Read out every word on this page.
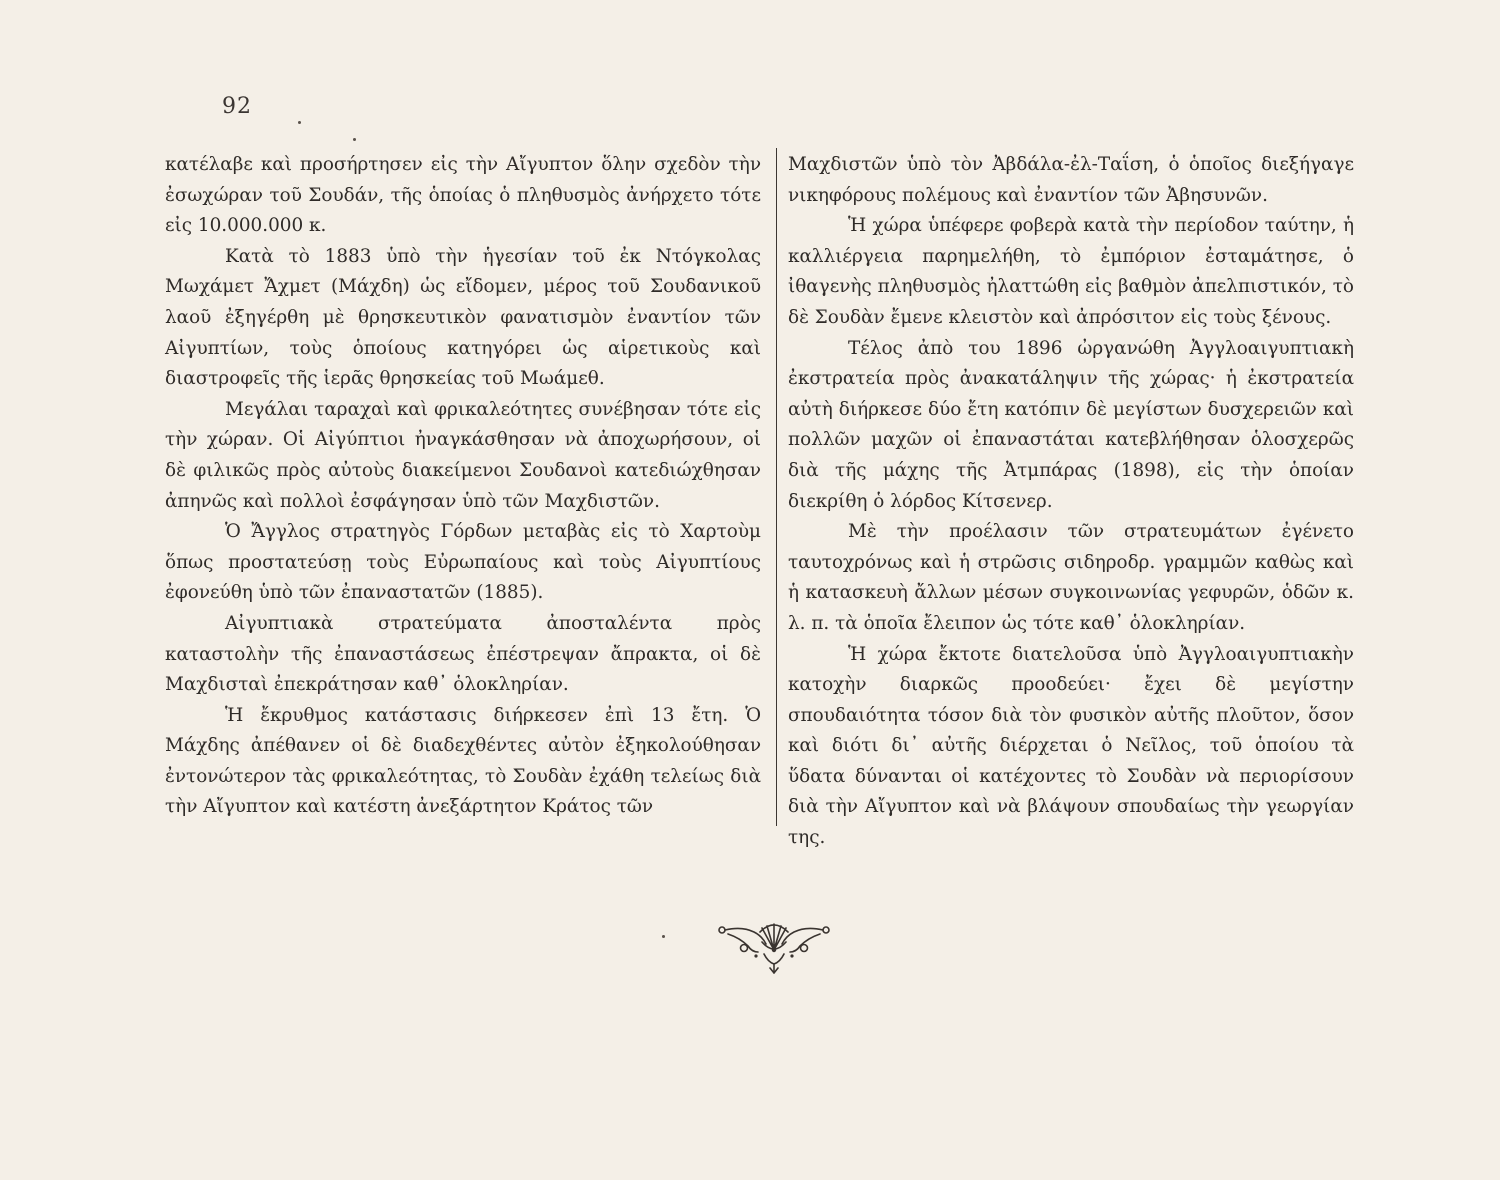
92

κατέλαβε καὶ προσήρτησεν εἰς τὴν Αἴγυπτον ὅλην σχεδὸν τὴν ἐσωχώραν τοῦ Σουδάν, τῆς ὁποίας ὁ πληθυσμὸς ἀνήρχετο τότε εἰς 10.000.000 κ.

Κατὰ τὸ 1883 ὑπὸ τὴν ἡγεσίαν τοῦ ἐκ Ντόγκολας Μωχάμετ Ἄχμετ (Μάχδη) ὡς εἴδομεν, μέρος τοῦ Σουδανικοῦ λαοῦ ἐξηγέρθη μὲ θρησκευτικὸν φανατισμὸν ἐναντίον τῶν Αἰγυπτίων, τοὺς ὁποίους κατηγόρει ὡς αἱρετικοὺς καὶ διαστροφεῖς τῆς ἱερᾶς θρησκείας τοῦ Μωάμεθ.

Μεγάλαι ταραχαὶ καὶ φρικαλεότητες συνέβησαν τότε εἰς τὴν χώραν. Οἱ Αἰγύπτιοι ἠναγκάσθησαν νὰ ἀποχωρήσουν, οἱ δὲ φιλικῶς πρὸς αὐτοὺς διακείμενοι Σουδανοὶ κατεδιώχθησαν ἀπηνῶς καὶ πολλοὶ ἐσφάγησαν ὑπὸ τῶν Μαχδιστῶν.

Ὁ Ἄγγλος στρατηγὸς Γόρδων μεταβὰς εἰς τὸ Χαρτοὺμ ὅπως προστατεύσῃ τοὺς Εὐρωπαίους καὶ τοὺς Αἰγυπτίους ἐφονεύθη ὑπὸ τῶν ἐπαναστατῶν (1885).

Αἰγυπτιακὰ στρατεύματα ἀποσταλέντα πρὸς καταστολὴν τῆς ἐπαναστάσεως ἐπέστρεψαν ἄπρακτα, οἱ δὲ Μαχδισταὶ ἐπεκράτησαν καθ᾽ ὁλοκληρίαν.

Ἡ ἔκρυθμος κατάστασις διήρκεσεν ἐπὶ 13 ἔτη. Ὁ Μάχδης ἀπέθανεν οἱ δὲ διαδεχθέντες αὐτὸν ἐξηκολούθησαν ἐντονώτερον τὰς φρικαλεότητας, τὸ Σουδὰν ἐχάθη τελείως διὰ τὴν Αἴγυπτον καὶ κατέστη ἀνεξάρτητον Κράτος τῶν

Μαχδιστῶν ὑπὸ τὸν Ἀβδάλα-ἐλ-Ταΐση, ὁ ὁποῖος διεξήγαγε νικηφόρους πολέμους καὶ ἐναντίον τῶν Ἀβησυνῶν.

Ἡ χώρα ὑπέφερε φοβερὰ κατὰ τὴν περίοδον ταύτην, ἡ καλλιέργεια παρημελήθη, τὸ ἐμπόριον ἐσταμάτησε, ὁ ἰθαγενὴς πληθυσμὸς ἠλαττώθη εἰς βαθμὸν ἀπελπιστικόν, τὸ δὲ Σουδὰν ἔμενε κλειστὸν καὶ ἀπρόσιτον εἰς τοὺς ξένους.

Τέλος ἀπὸ του 1896 ὠργανώθη Ἀγγλοαιγυπτιακὴ ἐκστρατεία πρὸς ἀνακατάληψιν τῆς χώρας· ἡ ἐκστρατεία αὐτὴ διήρκεσε δύο ἔτη κατόπιν δὲ μεγίστων δυσχερειῶν καὶ πολλῶν μαχῶν οἱ ἐπαναστάται κατεβλήθησαν ὁλοσχερῶς διὰ τῆς μάχης τῆς Ἀτμπάρας (1898), εἰς τὴν ὁποίαν διεκρίθη ὁ λόρδος Κίτσενερ.

Μὲ τὴν προέλασιν τῶν στρατευμάτων ἐγένετο ταυτοχρόνως καὶ ἡ στρῶσις σιδηροδρ. γραμμῶν καθὼς καὶ ἡ κατασκευὴ ἄλλων μέσων συγκοινωνίας γεφυρῶν, ὁδῶν κ. λ. π. τὰ ὁποῖα ἔλειπον ὡς τότε καθ᾽ ὁλοκληρίαν.

Ἡ χώρα ἔκτοτε διατελοῦσα ὑπὸ Ἀγγλοαιγυπτιακὴν κατοχὴν διαρκῶς προοδεύει· ἔχει δὲ μεγίστην σπουδαιότητα τόσον διὰ τὸν φυσικὸν αὐτῆς πλοῦτον, ὅσον καὶ διότι δι᾽ αὐτῆς διέρχεται ὁ Νεῖλος, τοῦ ὁποίου τὰ ὕδατα δύνανται οἱ κατέχοντες τὸ Σουδὰν νὰ περιορίσουν διὰ τὴν Αἴγυπτον καὶ νὰ βλάψουν σπουδαίως τὴν γεωργίαν της.
